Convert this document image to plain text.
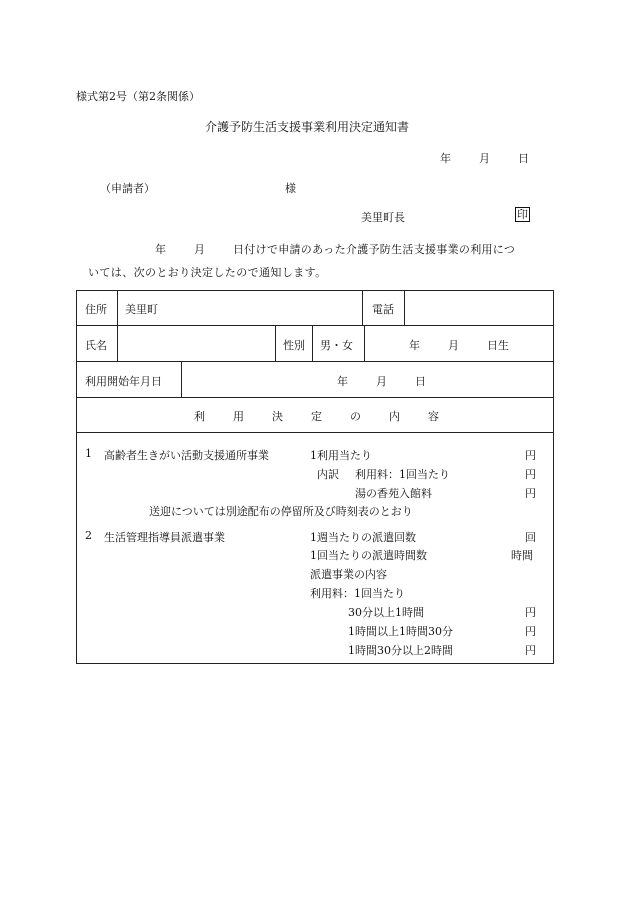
様式第2号（第2条関係）
介護予防生活支援事業利用決定通知書
年	月	日
（申請者）	様
美里町長	印
年	月	日付けで申請のあった介護予防生活支援事業の利用につ
いては、次のとおり決定したので通知します。
住所 美里町	電話
氏名	性別 男・女	年	月	日生
利用開始年月日	年	月	日
利	用	決	定	の	内	容
1 高齢者生きがい活動支援通所事業	1利用当たり	円
内訳 利用料：1回当たり	円
湯の香苑入館料	円
送迎については別途配布の停留所及び時刻表のとおり
2 生活管理指導員派遣事業	1週当たりの派遣回数	回
1回当たりの派遣時間数	時間
派遣事業の内容
利用料：1回当たり
30分以上1時間	円
1時間以上1時間30分	円
1時間30分以上2時間	円
